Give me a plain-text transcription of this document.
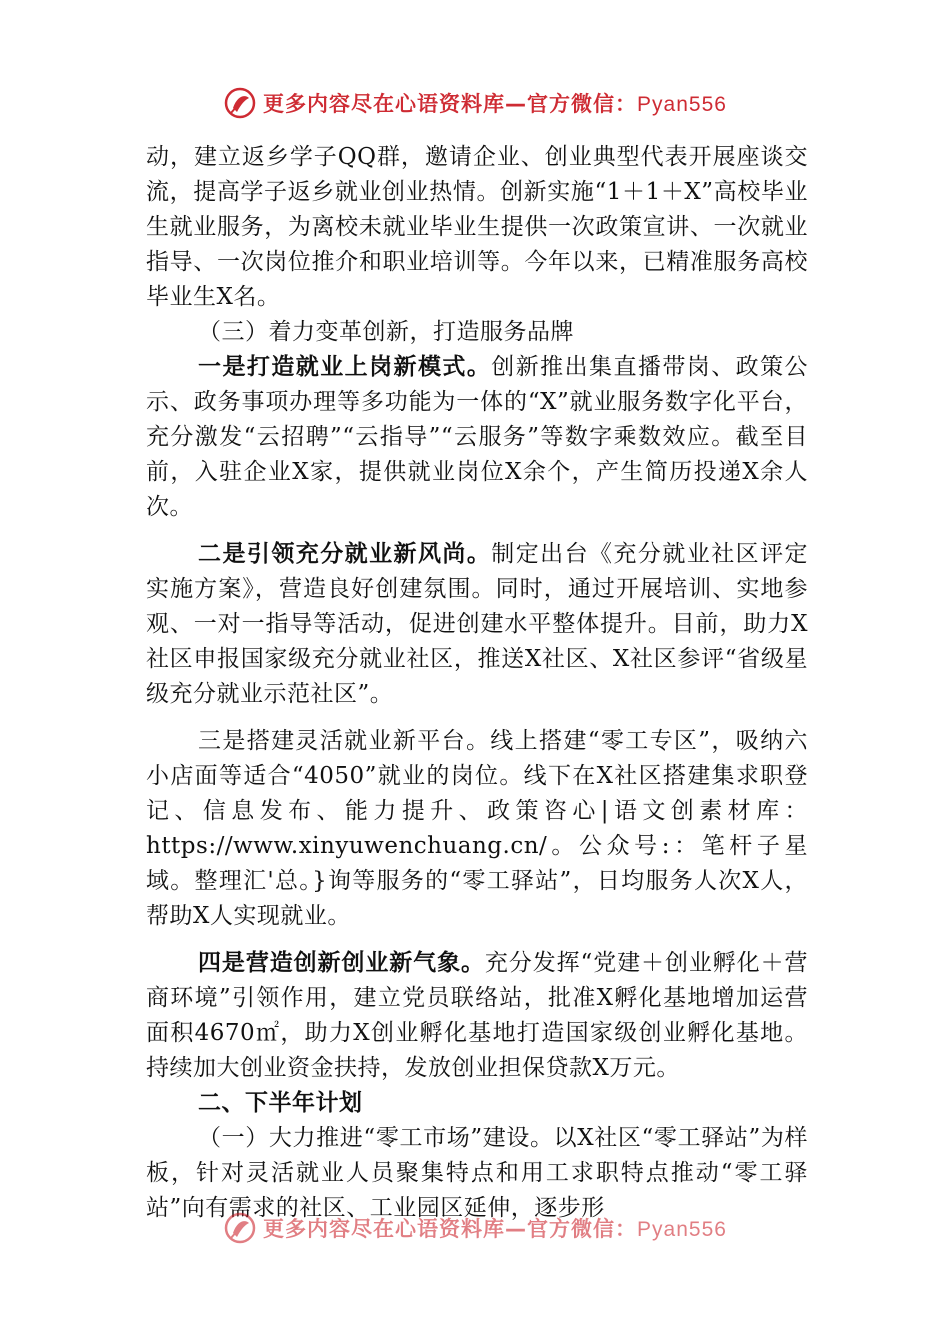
更多内容尽在心语资料库—官方微信：Pyan556

动，建立返乡学子QQ群，邀请企业、创业典型代表开展座谈交流，提高学子返乡就业创业热情。创新实施“1＋1＋X”高校毕业生就业服务，为离校未就业毕业生提供一次政策宣讲、一次就业指导、一次岗位推介和职业培训等。今年以来，已精准服务高校毕业生X名。

（三）着力变革创新，打造服务品牌

一是打造就业上岗新模式。创新推出集直播带岗、政策公示、政务事项办理等多功能为一体的“X”就业服务数字化平台，充分激发“云招聘”“云指导”“云服务”等数字乘数效应。截至目前，入驻企业X家，提供就业岗位X余个，产生简历投递X余人次。

二是引领充分就业新风尚。制定出台《充分就业社区评定实施方案》，营造良好创建氛围。同时，通过开展培训、实地参观、一对一指导等活动，促进创建水平整体提升。目前，助力X社区申报国家级充分就业社区，推送X社区、X社区参评“省级星级充分就业示范社区”。

三是搭建灵活就业新平台。线上搭建“零工专区”，吸纳六小店面等适合“4050”就业的岗位。线下在X社区搭建集求职登记、信息发布、能力提升、政策咨心|语文创素材库：https://www.xinyuwenchuang.cn/。公众号:：笔杆子星域。整理汇'总。}询等服务的“零工驿站”，日均服务人次X人，帮助X人实现就业。

四是营造创新创业新气象。充分发挥“党建＋创业孵化＋营商环境”引领作用，建立党员联络站，批准X孵化基地增加运营面积4670㎡，助力X创业孵化基地打造国家级创业孵化基地。持续加大创业资金扶持，发放创业担保贷款X万元。

二、下半年计划

（一）大力推进“零工市场”建设。以X社区“零工驿站”为样板，针对灵活就业人员聚集特点和用工求职特点推动“零工驿站”向有需求的社区、工业园区延伸，逐步形

更多内容尽在心语资料库—官方微信：Pyan556
